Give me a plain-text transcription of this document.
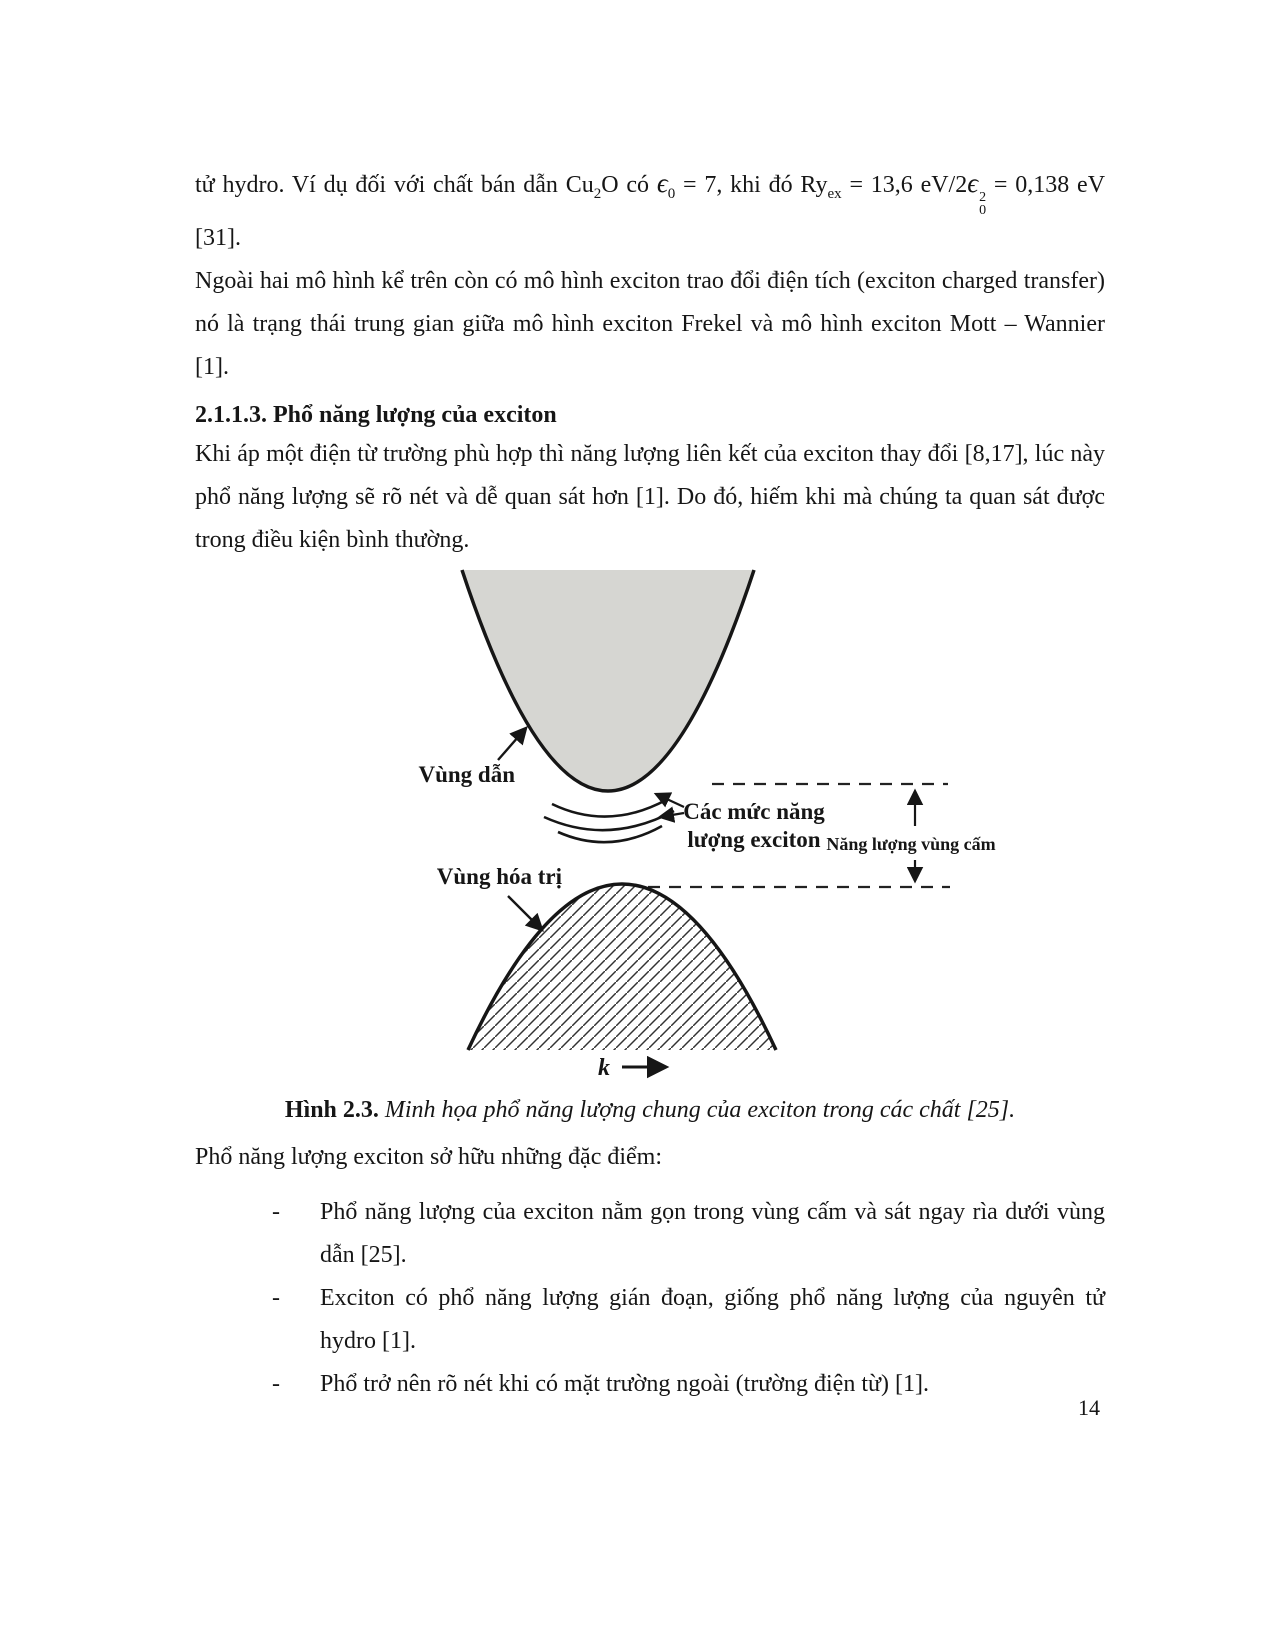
tử hydro. Ví dụ đối với chất bán dẫn $Cu_2O$ có $\epsilon_0 = 7$, khi đó $Ry_{ex} = 13,6$ eV/2ϵ 2
0
= 0,138 eV [31].

Ngoài hai mô hình kể trên còn có mô hình exciton trao đổi điện tích (exciton charged transfer) nó là trạng thái trung gian giữa mô hình exciton Frekel và mô hình exciton Mott – Wannier [1].

2.1.1.3. Phổ năng lượng của exciton

Khi áp một điện từ trường phù hợp thì năng lượng liên kết của exciton thay đổi [8,17], lúc này phổ năng lượng sẽ rõ nét và dễ quan sát hơn [1]. Do đó, hiếm khi mà chúng ta quan sát được trong điều kiện bình thường.

Vùng dẫn
Các mức năng
lượng exciton Năng lượng vùng cấm
Vùng hóa trị
k
Hình 2.3. Minh họa phổ năng lượng chung của exciton trong các chất [25].

Phổ năng lượng exciton sở hữu những đặc điểm:

-	Phổ năng lượng của exciton nằm gọn trong vùng cấm và sát ngay rìa dưới vùng dẫn [25].
-	Exciton có phổ năng lượng gián đoạn, giống phổ năng lượng của nguyên tử hydro [1].
-	Phổ trở nên rõ nét khi có mặt trường ngoài (trường điện từ) [1].
14
